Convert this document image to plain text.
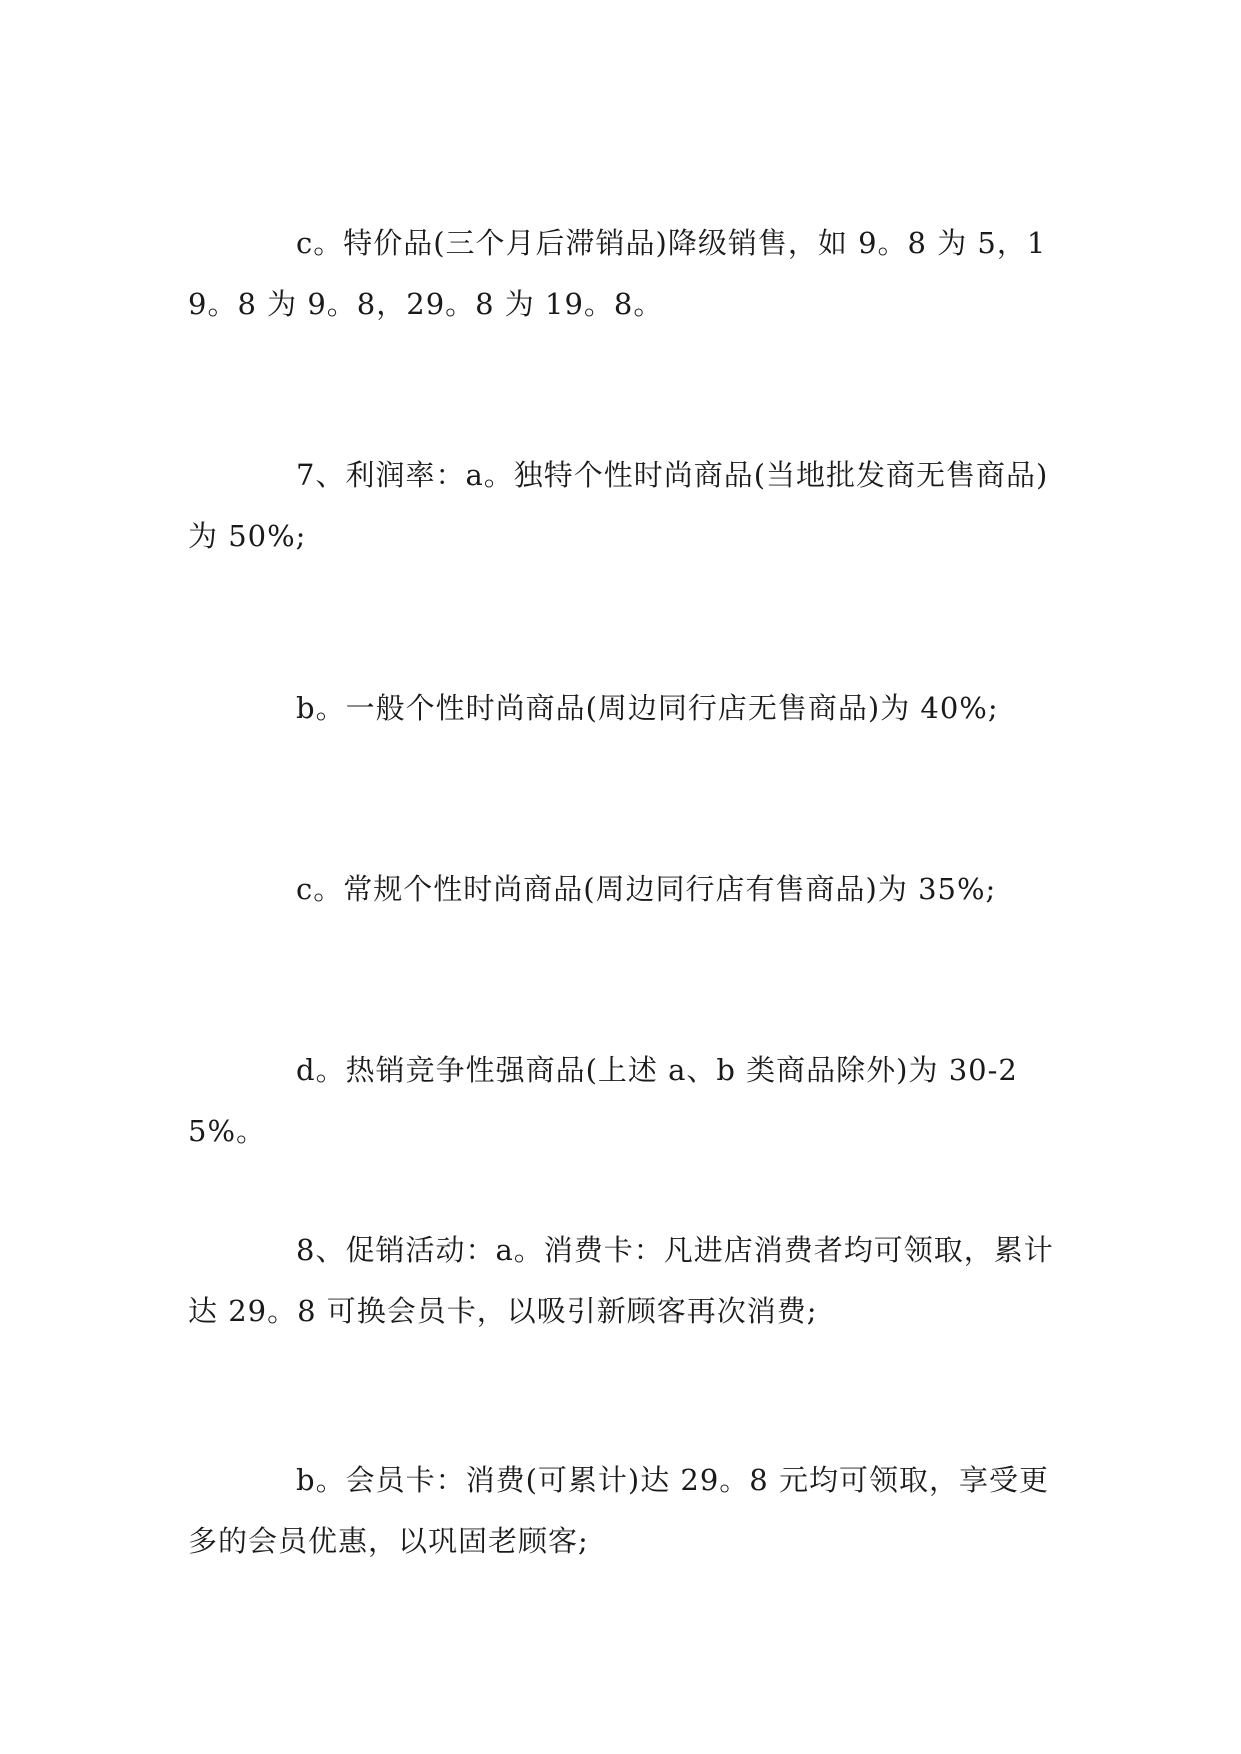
c。特价品(三个月后滞销品)降级销售，如 9。8 为 5，19。8 为 9。8，29。8 为 19。8。

7、利润率：a。独特个性时尚商品(当地批发商无售商品)为 50%;

b。一般个性时尚商品(周边同行店无售商品)为 40%;

c。常规个性时尚商品(周边同行店有售商品)为 35%;

d。热销竞争性强商品(上述 a、b 类商品除外)为 30-25%。

8、促销活动：a。消费卡：凡进店消费者均可领取，累计达 29。8 可换会员卡，以吸引新顾客再次消费;

b。会员卡：消费(可累计)达 29。8 元均可领取，享受更多的会员优惠，以巩固老顾客;
